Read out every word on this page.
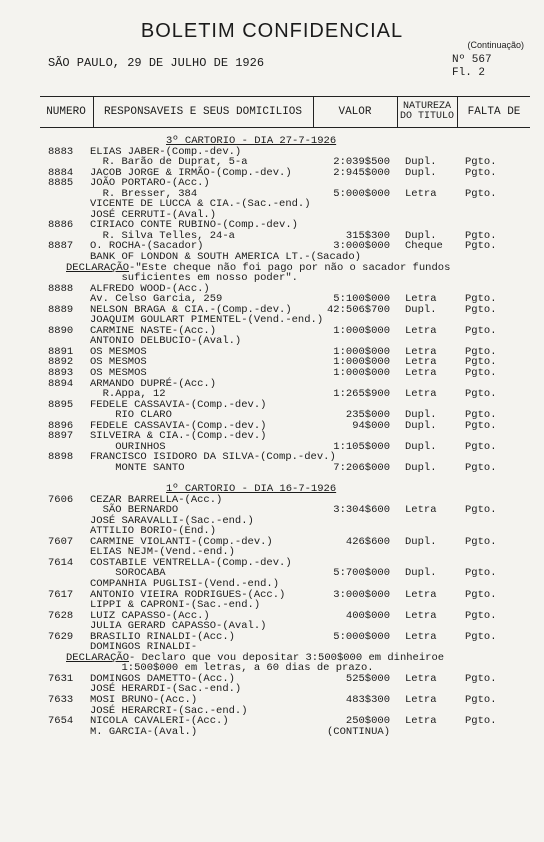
BOLETIM CONFIDENCIAL
(Continuação)
SÃO PAULO, 29 DE JULHO DE 1926	Nº 567
Fl. 2
NUMERO	RESPONSAVEIS E SEUS DOMICILIOS	VALOR	NATUREZA DO TITULO	FALTA DE
3º CARTORIO - DIA 27-7-1926
8883 ELIAS JABER-(Comp.-dev.)
R. Barão de Duprat, 5-a	2:039$500 Dupl.	Pgto.
8884 JACOB JORGE & IRMÃO-(Comp.-dev.)	2:945$000 Dupl.	Pgto.
8885 JOÃO PORTARO-(Acc.)
R. Bresser, 384	5:000$000 Letra	Pgto.
VICENTE DE LUCCA & CIA.-(Sac.-end.)
JOSÉ CERRUTI-(Aval.)
8886 CIRIACO CONTE RUBINO-(Comp.-dev.)
R. Silva Telles, 24-a	315$300 Dupl.	Pgto.
8887 O. ROCHA-(Sacador)	3:000$000 Cheque Pgto.
BANK OF LONDON & SOUTH AMERICA LT.-(Sacado)
DECLARAÇÃO-"Este cheque não foi pago por não o sacador fundos
suficientes em nosso poder".
8888 ALFREDO WOOD-(Acc.)
Av. Celso Garcia, 259	5:100$000 Letra	Pgto.
8889 NELSON BRAGA & CIA.-(Comp.-dev.)	42:506$700 Dupl.	Pgto.
JOAQUIM GOULART PIMENTEL-(Vend.-end.)
8890 CARMINE NASTE-(Acc.)	1:000$000 Letra	Pgto.
ANTONIO DELBUCIO-(Aval.)
8891 OS MESMOS	1:000$000 Letra	Pgto.
8892 OS MESMOS	1:000$000 Letra	Pgto.
8893 OS MESMOS	1:000$000 Letra	Pgto.
8894 ARMANDO DUPRÉ-(Acc.)
R.Appa, 12	1:265$900 Letra	Pgto.
8895 FEDELE CASSAVIA-(Comp.-dev.)
RIO CLARO	235$000 Dupl.	Pgto.
8896 FEDELE CASSAVIA-(Comp.-dev.)	94$000 Dupl.	Pgto.
8897 SILVEIRA & CIA.-(Comp.-dev.)
OURINHOS	1:105$000 Dupl.	Pgto.
8898 FRANCISCO ISIDORO DA SILVA-(Comp.-dev.)
MONTE SANTO	7:206$000 Dupl.	Pgto.
1º CARTORIO - DIA 16-7-1926
7606 CEZAR BARRELLA-(Acc.)
SÃO BERNARDO	3:304$600 Letra	Pgto.
JOSÉ SARAVALLI-(Sac.-end.)
ATTILIO BORIO-(End.)
7607 CARMINE VIOLANTI-(Comp.-dev.)	426$600 Dupl.	Pgto.
ELIAS NEJM-(Vend.-end.)
7614 COSTABILE VENTRELLA-(Comp.-dev.)
SOROCABA	5:700$000 Dupl.	Pgto.
COMPANHIA PUGLISI-(Vend.-end.)
7617 ANTONIO VIEIRA RODRIGUES-(Acc.)	3:000$000 Letra	Pgto.
LIPPI & CAPRONI-(Sac.-end.)
7628 LUIZ CAPASSO-(Acc.)	400$000 Letra	Pgto.
JULIA GERARD CAPASSO-(Aval.)
7629 BRASILIO RINALDI-(Acc.)	5:000$000 Letra	Pgto.
DOMINGOS RINALDI-
DECLARAÇÃO- Declaro que vou depositar 3:500$000 em dinheiroe
1:500$000 em letras, a 60 dias de prazo.
7631 DOMINGOS DAMETTO-(Acc.)	525$000 Letra	Pgto.
JOSÉ HERARDI-(Sac.-end.)
7633 MOSI BRUNO-(Acc.)	483$300 Letra	Pgto.
JOSÉ HERARCRI-(Sac.-end.)
7654 NICOLA CAVALERI-(Acc.)	250$000 Letra	Pgto.
M. GARCIA-(Aval.)	(CONTINUA)
